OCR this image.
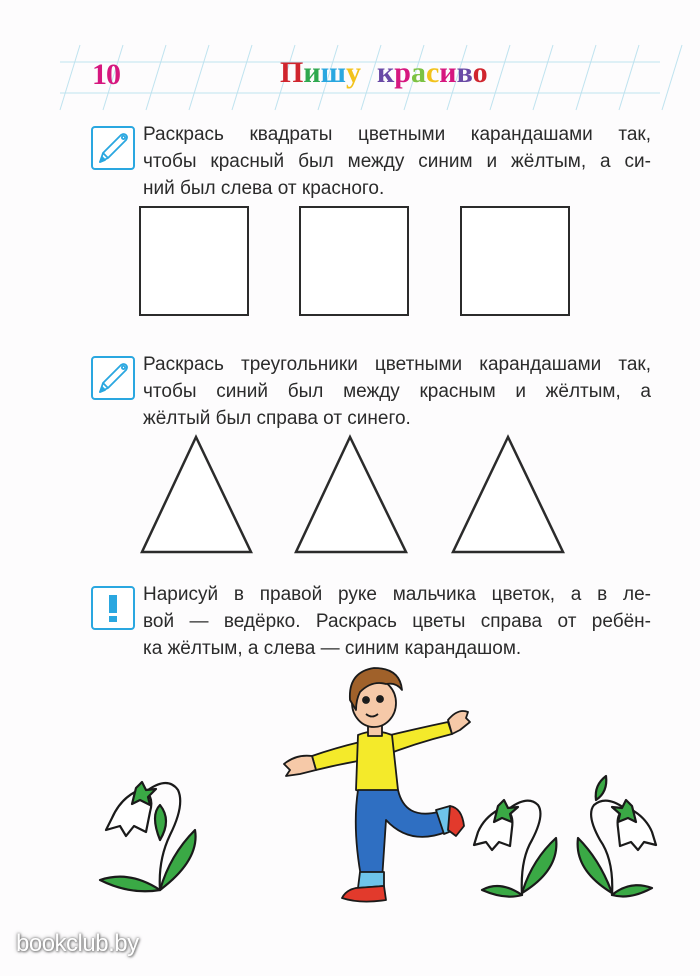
10	Пишу красиво
Раскрась квадраты цветными карандашами так,
чтобы красный был между синим и жёлтым, а си-
ний был слева от красного.
Раскрась треугольники цветными карандашами так,
чтобы синий был между красным и жёлтым, а
жёлтый был справа от синего.
Нарисуй в правой руке мальчика цветок, а в ле-
вой — ведёрко. Раскрась цветы справа от ребён-
ка жёлтым, а слева — синим карандашом.
bookclub.by
